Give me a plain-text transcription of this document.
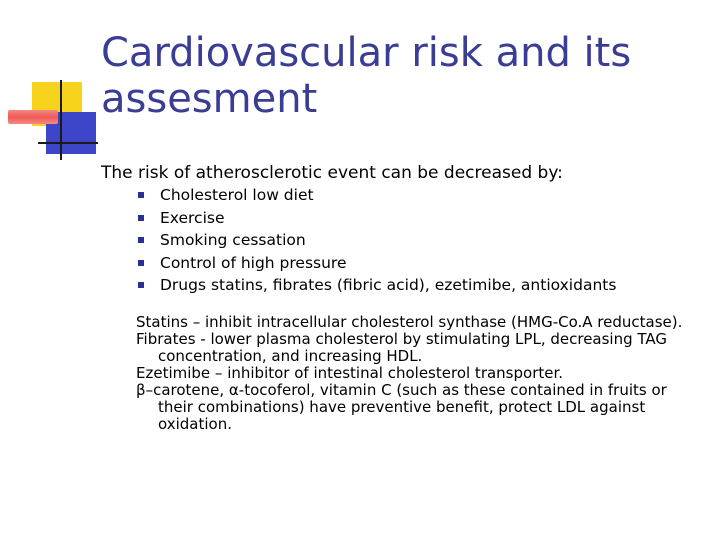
Cardiovascular risk and its
assesment
The risk of atherosclerotic event can be decreased by:
Cholesterol low diet
Exercise
Smoking cessation
Control of high pressure
Drugs statins, fibrates (fibric acid), ezetimibe, antioxidants
Statins – inhibit intracellular cholesterol synthase (HMG-Co.A reductase).
Fibrates - lower plasma cholesterol by stimulating LPL, decreasing TAG concentration, and increasing HDL.
Ezetimibe – inhibitor of intestinal cholesterol transporter.
β–carotene, α-tocoferol, vitamin C (such as these contained in fruits or their combinations) have preventive benefit, protect LDL against oxidation.
